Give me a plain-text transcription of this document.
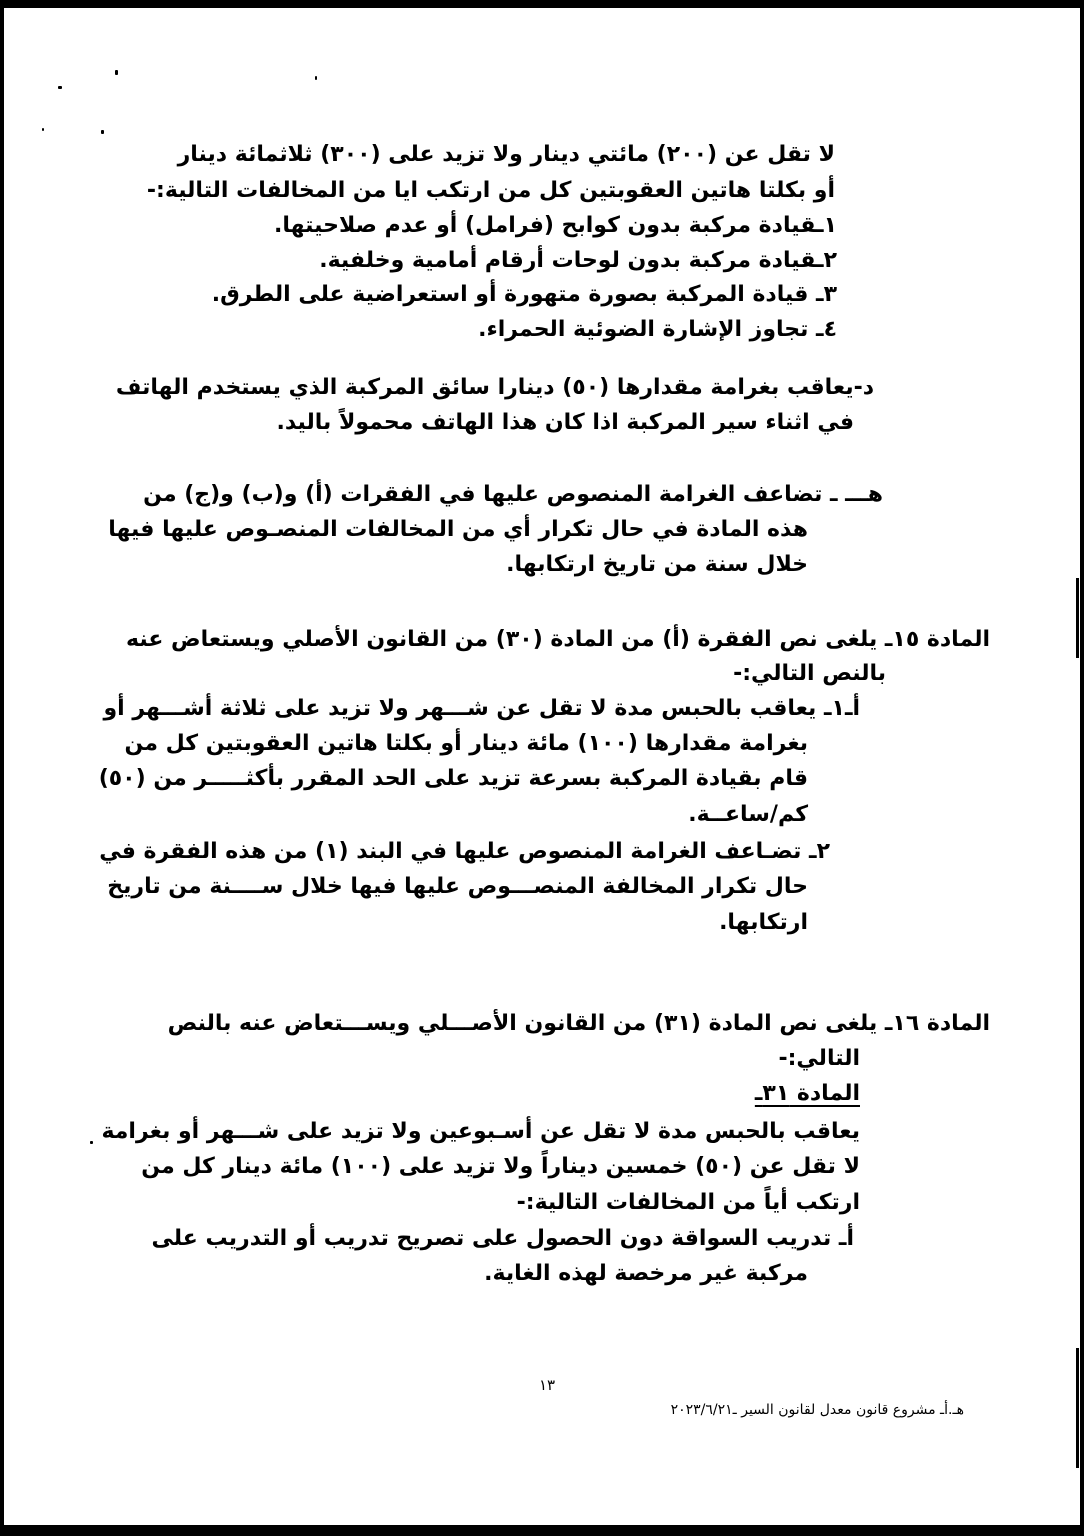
لا تقل عن (٢٠٠) مائتي دينار ولا تزيد على (٣٠٠) ثلاثمائة دينار
أو بكلتا هاتين العقوبتين كل من ارتكب ايا من المخالفات التالية:-
١ـقيادة مركبة بدون كوابح (فرامل) أو عدم صلاحيتها.
٢ـقيادة مركبة بدون لوحات أرقام أمامية وخلفية.
٣ـ قيادة المركبة بصورة متهورة أو استعراضية على الطرق.
٤ـ تجاوز الإشارة الضوئية الحمراء.
د-يعاقب بغرامة مقدارها (٥٠) دينارا سائق المركبة الذي يستخدم الهاتف
في اثناء سير المركبة اذا كان هذا الهاتف محمولاً باليد.
هـــ ـ تضاعف الغرامة المنصوص عليها في الفقرات (أ) و(ب) و(ج) من
هذه المادة في حال تكرار أي من المخالفات المنصـوص عليها فيها
خلال سنة من تاريخ ارتكابها.
المادة ١٥ـ يلغى نص الفقرة (أ) من المادة (٣٠) من القانون الأصلي ويستعاض عنه
بالنص التالي:-
أـ١ـ يعاقب بالحبس مدة لا تقل عن شـــهر ولا تزيد على ثلاثة أشـــهر أو
بغرامة مقدارها (١٠٠) مائة دينار أو بكلتا هاتين العقوبتين كل من
قام بقيادة المركبة بسرعة تزيد على الحد المقرر بأكثـــــر من (٥٠)
كم/ساعــة.
٢ـ تضـاعف الغرامة المنصوص عليها في البند (١) من هذه الفقرة في
حال تكرار المخالفة المنصـــوص عليها فيها خلال ســــنة من تاريخ
ارتكابها.
المادة ١٦ـ يلغى نص المادة (٣١) من القانون الأصـــلي ويســـتعاض عنه بالنص
التالي:-
المادة ٣١ـ
يعاقب بالحبس مدة لا تقل عن أسـبوعين ولا تزيد على شـــهر أو بغرامة
لا تقل عن (٥٠) خمسين ديناراً ولا تزيد على (١٠٠) مائة دينار كل من
ارتكب أياً من المخالفات التالية:-
أـ تدريب السواقة دون الحصول على تصريح تدريب أو التدريب على
مركبة غير مرخصة لهذه الغاية.
١٣
هـ.أـ مشروع قانون معدل لقانون السير ـ٢٠٢٣/٦/٢١
